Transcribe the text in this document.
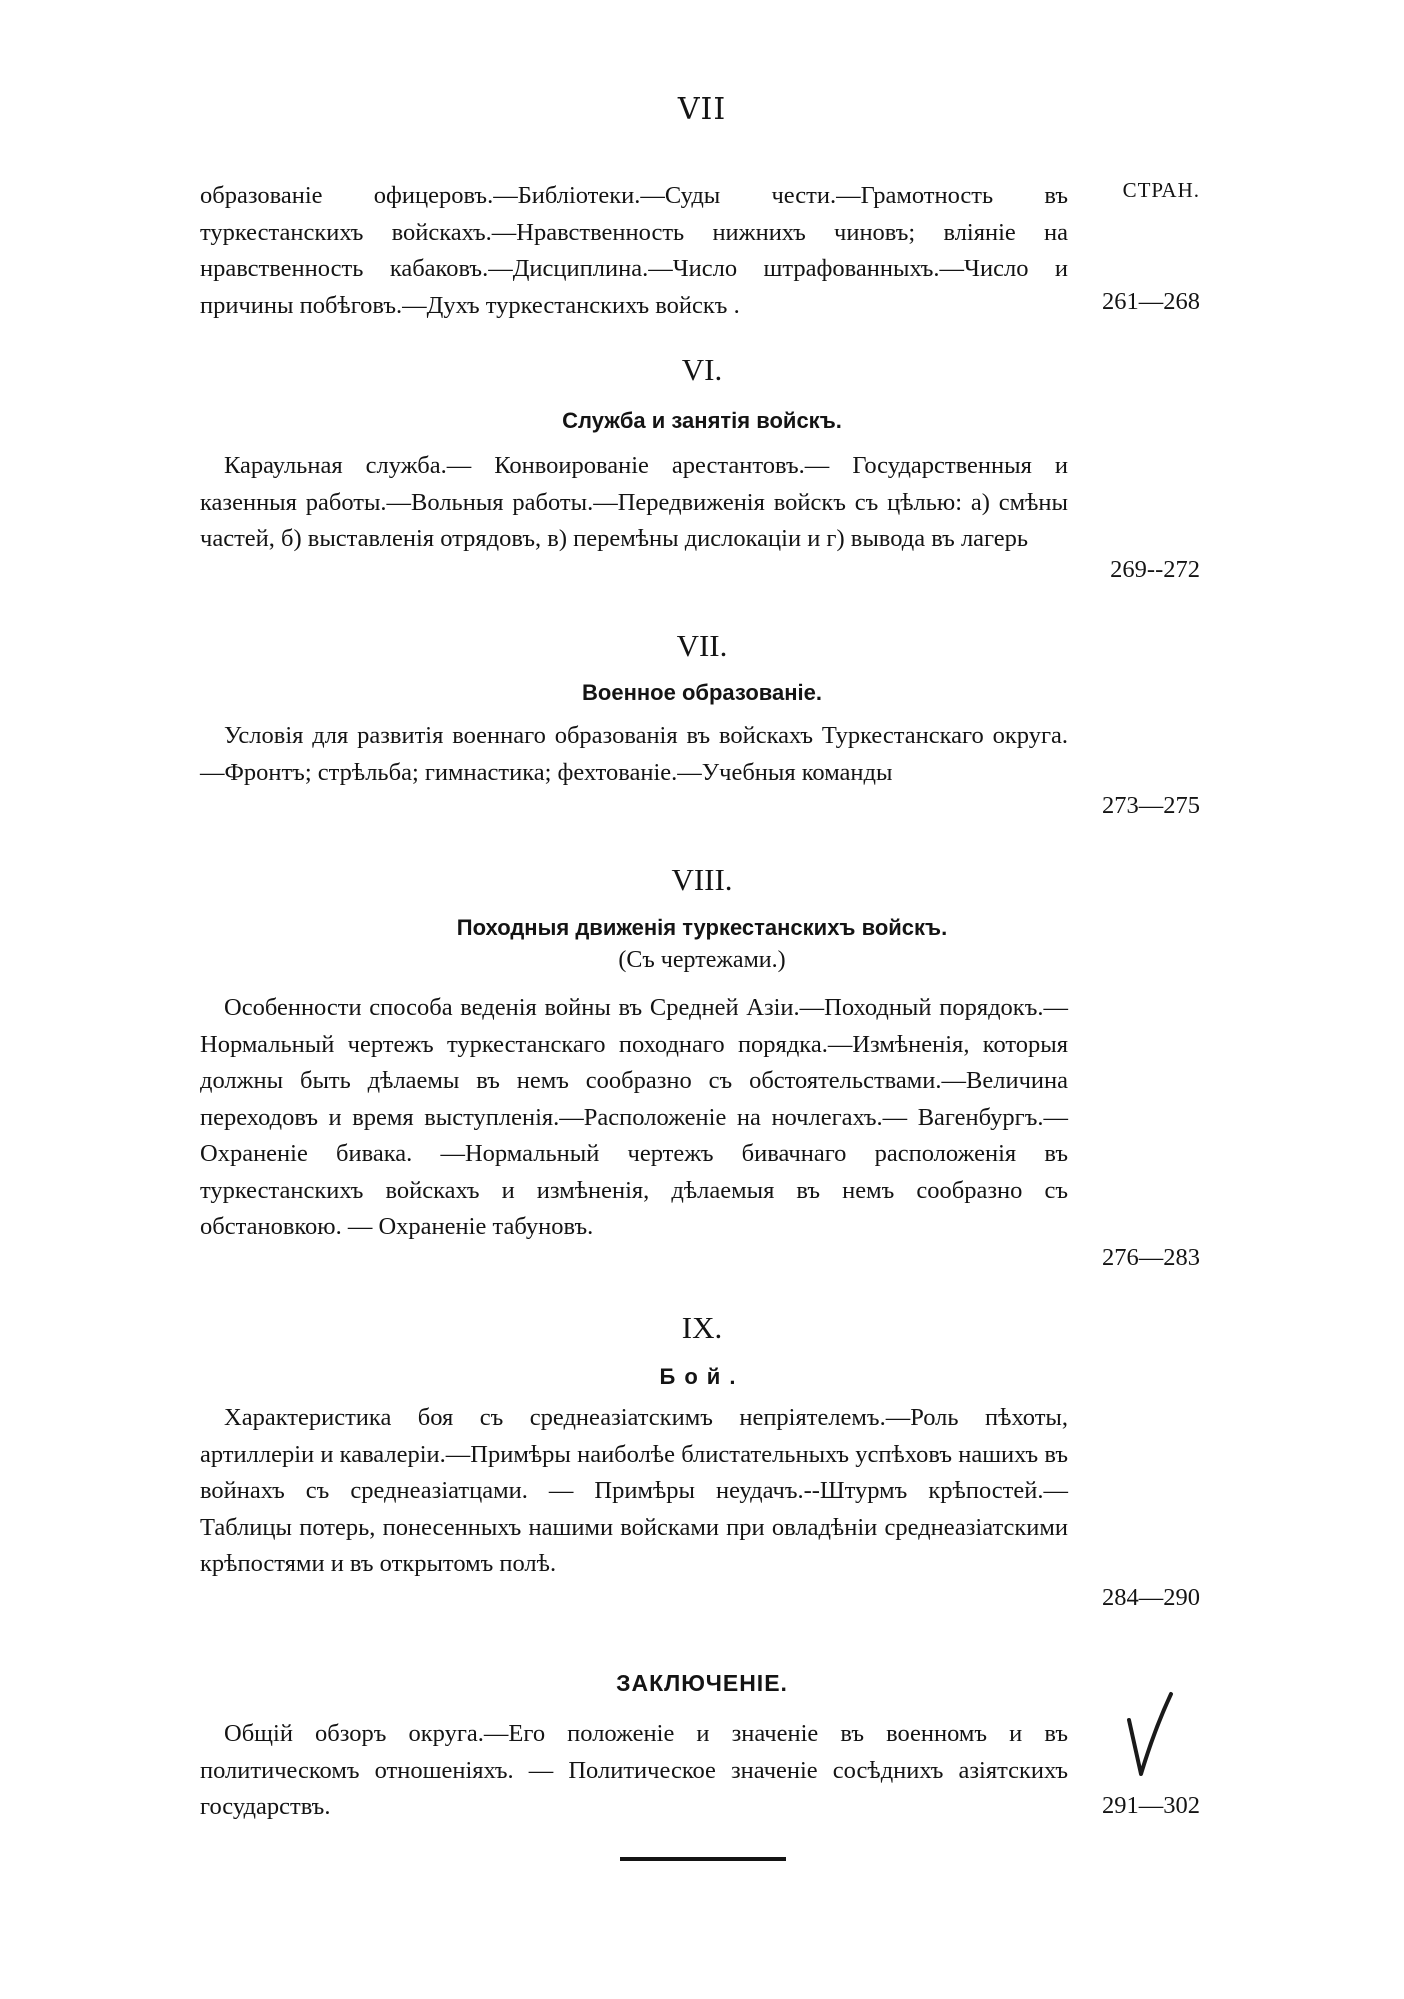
VII
образованіе офицеровъ.—Библіотеки.—Суды чести.—Грамотность въ туркестанскихъ войскахъ.—Нравственность нижнихъ чиновъ; вліяніе на нравственность кабаковъ.—Дисциплина.—Число штрафованныхъ.—Число и причины побѣговъ.—Духъ туркестанскихъ войскъ .
СТРАН.
261—268
VI.
Служба и занятія войскъ.
Караульная служба.— Конвоированіе арестантовъ.— Государственныя и казенныя работы.—Вольныя работы.—Передвиженія войскъ съ цѣлью: а) смѣны частей, б) выставленія отрядовъ, в) перемѣны дислокаціи и г) вывода въ лагерь
269--272
VII.
Военное образованіе.
Условія для развитія военнаго образованія въ войскахъ Туркестанскаго округа.—Фронтъ; стрѣльба; гимнастика; фехтованіе.—Учебныя команды
273—275
VIII.
Походныя движенія туркестанскихъ войскъ.
(Съ чертежами.)
Особенности способа веденія войны въ Средней Азіи.—Походный порядокъ.—Нормальный чертежъ туркестанскаго походнаго порядка.—Измѣненія, которыя должны быть дѣлаемы въ немъ сообразно съ обстоятельствами.—Величина переходовъ и время выступленія.—Расположеніе на ночлегахъ.— Вагенбургъ.—Охраненіе бивака. —Нормальный чертежъ бивачнаго расположенія въ туркестанскихъ войскахъ и измѣненія, дѣлаемыя въ немъ сообразно съ обстановкою. — Охраненіе табуновъ.
276—283
IX.
Бой.
Характеристика боя съ среднеазіатскимъ непріятелемъ.—Роль пѣхоты, артиллеріи и кавалеріи.—Примѣры наиболѣе блистательныхъ успѣховъ нашихъ въ войнахъ съ среднеазіатцами. — Примѣры неудачъ.--Штурмъ крѣпостей.—Таблицы потерь, понесенныхъ нашими войсками при овладѣніи среднеазіатскими крѣпостями и въ открытомъ полѣ.
284—290
ЗАКЛЮЧЕНІЕ.
Общій обзоръ округа.—Его положеніе и значеніе въ военномъ и въ политическомъ отношеніяхъ. — Политическое значеніе сосѣднихъ азіятскихъ государствъ.	291—302
